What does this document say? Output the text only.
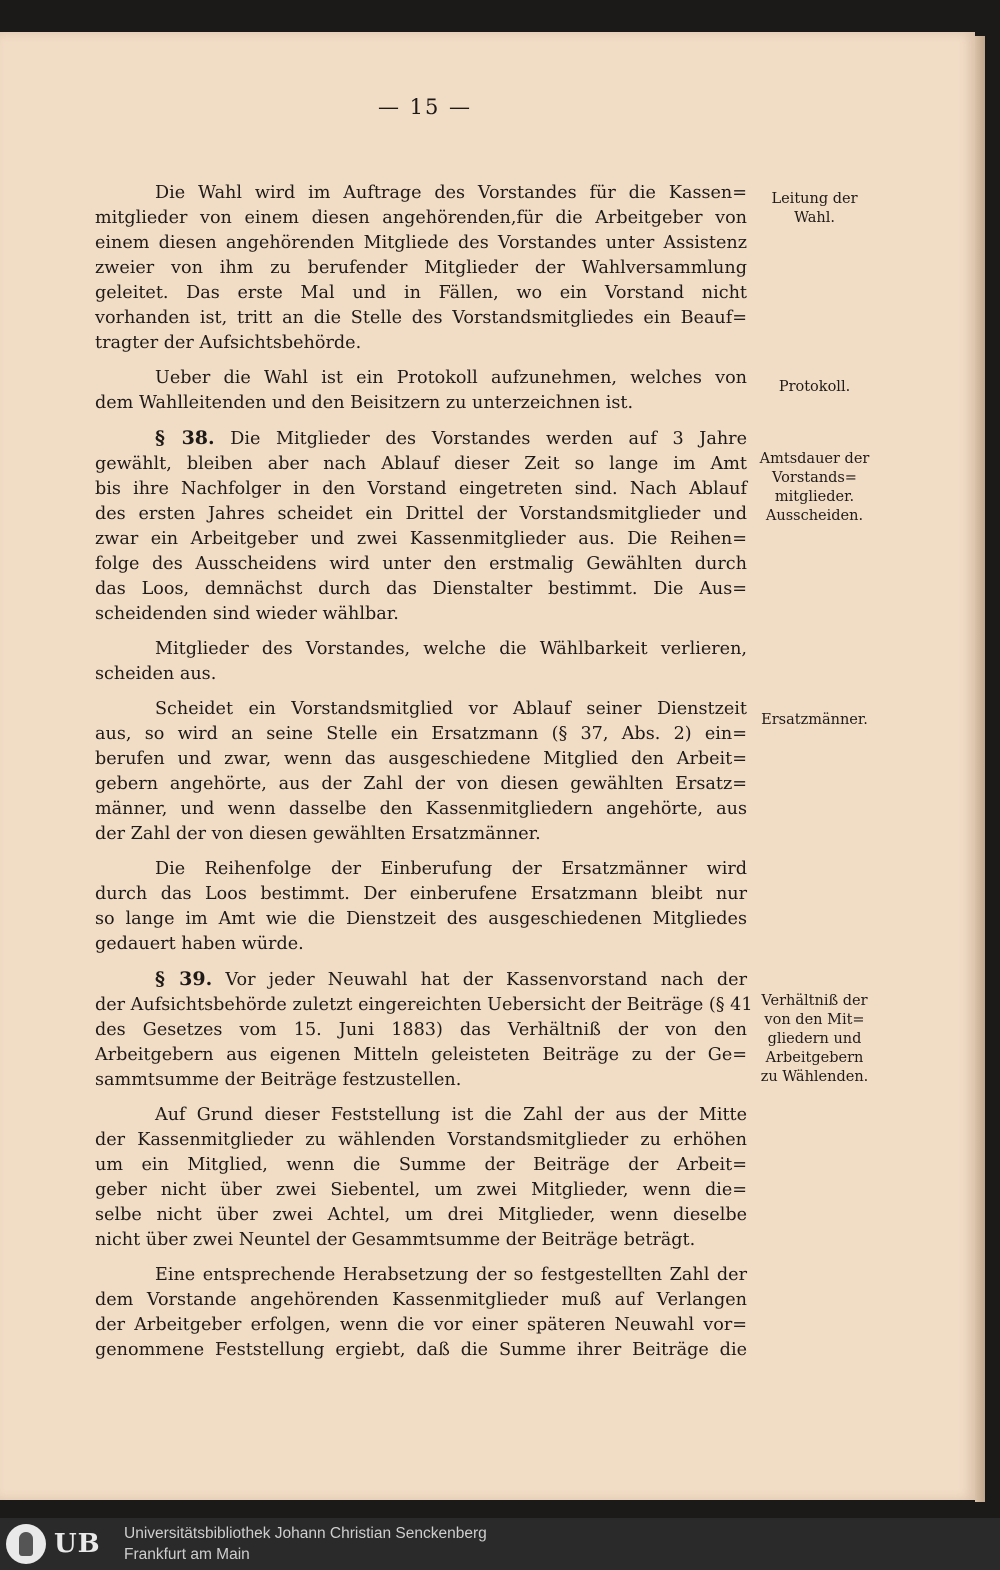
— 15 —
Die Wahl wird im Auftrage des Vorstandes für die Kassen=
mitglieder von einem diesen angehörenden,für die Arbeitgeber von
einem diesen angehörenden Mitgliede des Vorstandes unter Assistenz
zweier von ihm zu berufender Mitglieder der Wahlversammlung
geleitet. Das erste Mal und in Fällen, wo ein Vorstand nicht
vorhanden ist, tritt an die Stelle des Vorstandsmitgliedes ein Beauf=
tragter der Aufsichtsbehörde.
Ueber die Wahl ist ein Protokoll aufzunehmen, welches von
dem Wahlleitenden und den Beisitzern zu unterzeichnen ist.
§ 38. Die Mitglieder des Vorstandes werden auf 3 Jahre
gewählt, bleiben aber nach Ablauf dieser Zeit so lange im Amt
bis ihre Nachfolger in den Vorstand eingetreten sind. Nach Ablauf
des ersten Jahres scheidet ein Drittel der Vorstandsmitglieder und
zwar ein Arbeitgeber und zwei Kassenmitglieder aus. Die Reihen=
folge des Ausscheidens wird unter den erstmalig Gewählten durch
das Loos, demnächst durch das Dienstalter bestimmt. Die Aus=
scheidenden sind wieder wählbar.
Mitglieder des Vorstandes, welche die Wählbarkeit verlieren,
scheiden aus.
Scheidet ein Vorstandsmitglied vor Ablauf seiner Dienstzeit
aus, so wird an seine Stelle ein Ersatzmann (§ 37, Abs. 2) ein=
berufen und zwar, wenn das ausgeschiedene Mitglied den Arbeit=
gebern angehörte, aus der Zahl der von diesen gewählten Ersatz=
männer, und wenn dasselbe den Kassenmitgliedern angehörte, aus
der Zahl der von diesen gewählten Ersatzmänner.
Die Reihenfolge der Einberufung der Ersatzmänner wird
durch das Loos bestimmt. Der einberufene Ersatzmann bleibt nur
so lange im Amt wie die Dienstzeit des ausgeschiedenen Mitgliedes
gedauert haben würde.
§ 39. Vor jeder Neuwahl hat der Kassenvorstand nach der
der Aufsichtsbehörde zuletzt eingereichten Uebersicht der Beiträge (§ 41
des Gesetzes vom 15. Juni 1883) das Verhältniß der von den
Arbeitgebern aus eigenen Mitteln geleisteten Beiträge zu der Ge=
sammtsumme der Beiträge festzustellen.
Auf Grund dieser Feststellung ist die Zahl der aus der Mitte
der Kassenmitglieder zu wählenden Vorstandsmitglieder zu erhöhen
um ein Mitglied, wenn die Summe der Beiträge der Arbeit=
geber nicht über zwei Siebentel, um zwei Mitglieder, wenn die=
selbe nicht über zwei Achtel, um drei Mitglieder, wenn dieselbe
nicht über zwei Neuntel der Gesammtsumme der Beiträge beträgt.
Eine entsprechende Herabsetzung der so festgestellten Zahl der
dem Vorstande angehörenden Kassenmitglieder muß auf Verlangen
der Arbeitgeber erfolgen, wenn die vor einer späteren Neuwahl vor=
genommene Feststellung ergiebt, daß die Summe ihrer Beiträge die
Leitung der
Wahl.
Protokoll.
Amtsdauer der
Vorstands=
mitglieder.
Ausscheiden.
Ersatzmänner.
Verhältniß der
von den Mit=
gliedern und
Arbeitgebern
zu Wählenden.
UB Universitätsbibliothek Johann Christian Senckenberg
Frankfurt am Main
